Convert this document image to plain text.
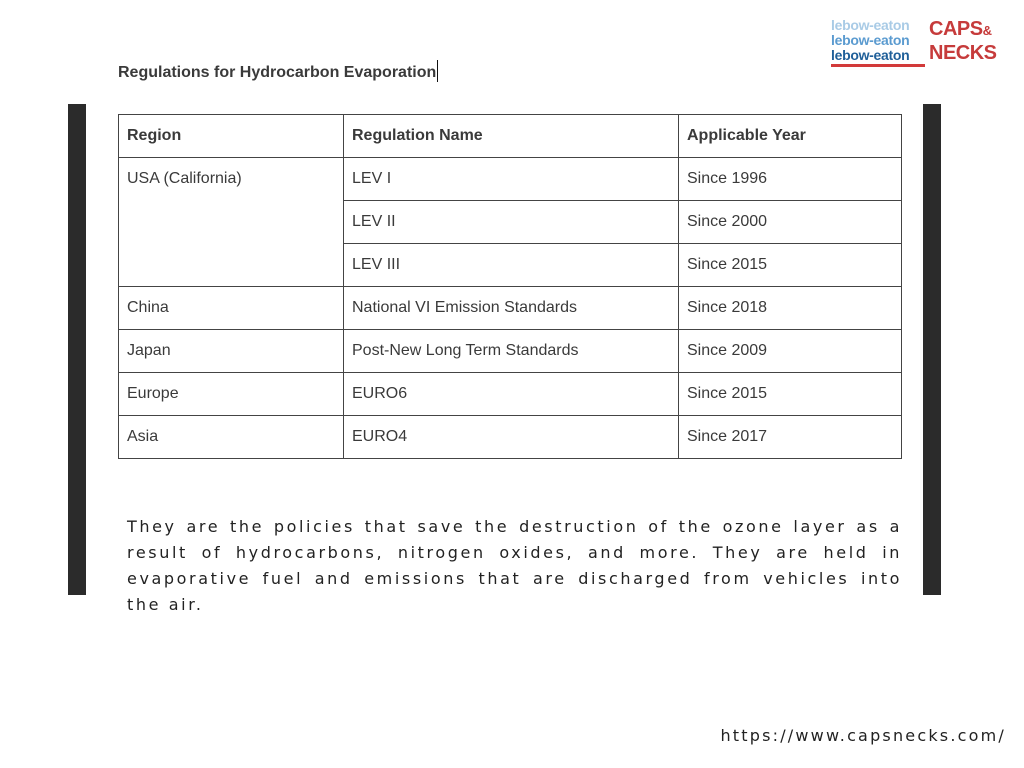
lebow-eaton
lebow-eaton
lebow-eaton
CAPS&
NECKS
Regulations for Hydrocarbon Evaporation
Region	Regulation Name	Applicable Year
USA (California)	LEV I	Since 1996
	LEV II	Since 2000
	LEV III	Since 2015
China	National VI Emission Standards	Since 2018
Japan	Post-New Long Term Standards	Since 2009
Europe	EURO6	Since 2015
Asia	EURO4	Since 2017

They are the policies that save the destruction of the ozone layer as a result of hydrocarbons, nitrogen oxides, and more. They are held in evaporative fuel and emissions that are discharged from vehicles into the air.

https://www.capsnecks.com/
